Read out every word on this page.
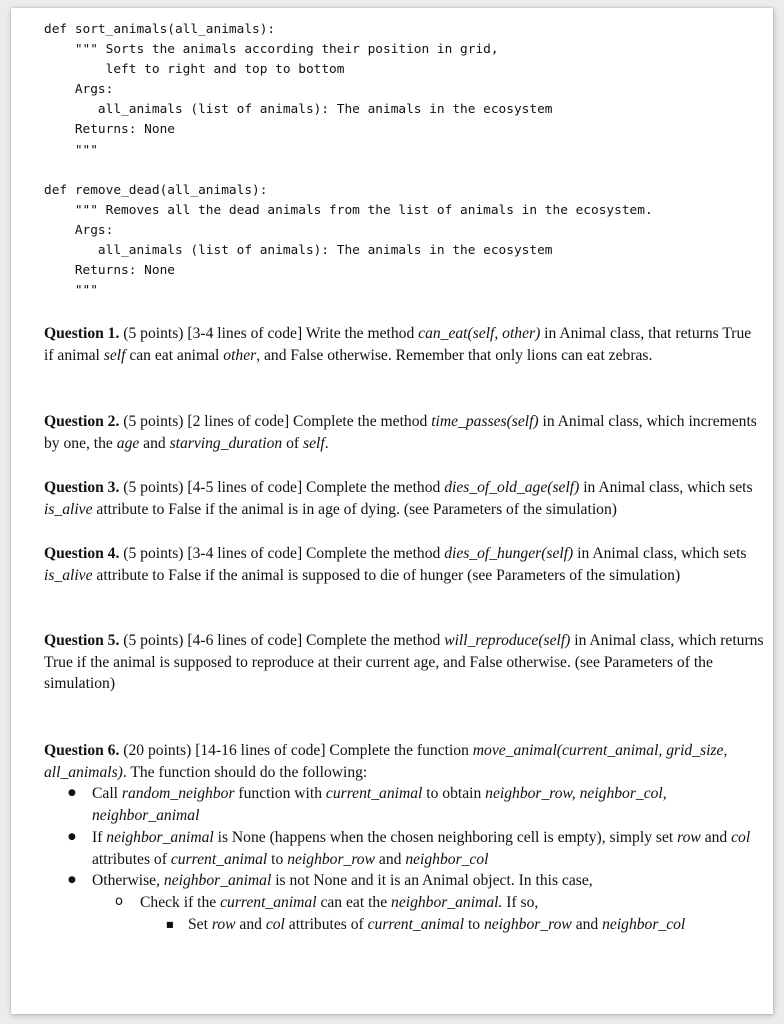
def sort_animals(all_animals):
""" Sorts the animals according their position in grid,
left to right and top to bottom
Args:
all_animals (list of animals): The animals in the ecosystem
Returns: None
"""
def remove_dead(all_animals):
""" Removes all the dead animals from the list of animals in the ecosystem.
Args:
all_animals (list of animals): The animals in the ecosystem
Returns: None
"""

Question 1. (5 points) [3-4 lines of code] Write the method can_eat(self, other) in Animal class, that returns True if animal self can eat animal other, and False otherwise. Remember that only lions can eat zebras.

Question 2. (5 points) [2 lines of code] Complete the method time_passes(self) in Animal class, which increments by one, the age and starving_duration of self.

Question 3. (5 points) [4-5 lines of code] Complete the method dies_of_old_age(self) in Animal class, which sets is_alive attribute to False if the animal is in age of dying. (see Parameters of the simulation)

Question 4. (5 points) [3-4 lines of code] Complete the method dies_of_hunger(self) in Animal class, which sets is_alive attribute to False if the animal is supposed to die of hunger (see Parameters of the simulation)

Question 5. (5 points) [4-6 lines of code] Complete the method will_reproduce(self) in Animal class, which returns True if the animal is supposed to reproduce at their current age, and False otherwise. (see Parameters of the simulation)

Question 6. (20 points) [14-16 lines of code] Complete the function move_animal(current_animal, grid_size, all_animals). The function should do the following:

● Call random_neighbor function with current_animal to obtain neighbor_row, neighbor_col, neighbor_animal
● If neighbor_animal is None (happens when the chosen neighboring cell is empty), simply set row and col attributes of current_animal to neighbor_row and neighbor_col
● Otherwise, neighbor_animal is not None and it is an Animal object. In this case,
o Check if the current_animal can eat the neighbor_animal. If so,
■ Set row and col attributes of current_animal to neighbor_row and neighbor_col
